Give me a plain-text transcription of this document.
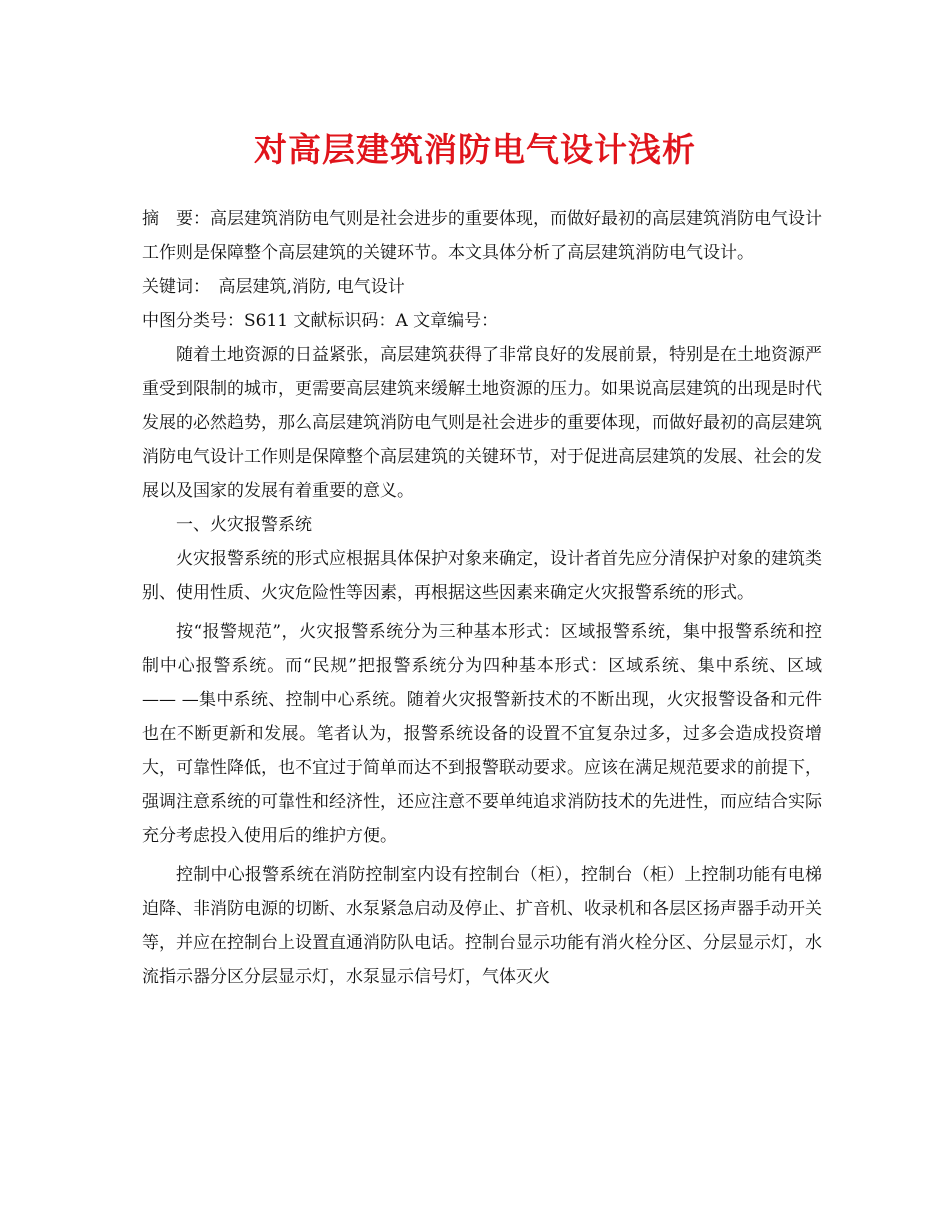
对高层建筑消防电气设计浅析

摘　要：高层建筑消防电气则是社会进步的重要体现，而做好最初的高层建筑消防电气设计工作则是保障整个高层建筑的关键环节。本文具体分析了高层建筑消防电气设计。

关键词：　高层建筑,消防, 电气设计

中图分类号：S611 文献标识码：A 文章编号：

随着土地资源的日益紧张，高层建筑获得了非常良好的发展前景，特别是在土地资源严重受到限制的城市，更需要高层建筑来缓解土地资源的压力。如果说高层建筑的出现是时代发展的必然趋势，那么高层建筑消防电气则是社会进步的重要体现，而做好最初的高层建筑消防电气设计工作则是保障整个高层建筑的关键环节，对于促进高层建筑的发展、社会的发展以及国家的发展有着重要的意义。

一、火灾报警系统

火灾报警系统的形式应根据具体保护对象来确定，设计者首先应分清保护对象的建筑类别、使用性质、火灾危险性等因素，再根据这些因素来确定火灾报警系统的形式。

按“报警规范”，火灾报警系统分为三种基本形式：区域报警系统，集中报警系统和控制中心报警系统。而“民规”把报警系统分为四种基本形式：区域系统、集中系统、区域—— —集中系统、控制中心系统。随着火灾报警新技术的不断出现，火灾报警设备和元件也在不断更新和发展。笔者认为，报警系统设备的设置不宜复杂过多，过多会造成投资增大，可靠性降低，也不宜过于简单而达不到报警联动要求。应该在满足规范要求的前提下，强调注意系统的可靠性和经济性，还应注意不要单纯追求消防技术的先进性，而应结合实际充分考虑投入使用后的维护方便。

控制中心报警系统在消防控制室内设有控制台（柜），控制台（柜）上控制功能有电梯迫降、非消防电源的切断、水泵紧急启动及停止、扩音机、收录机和各层区扬声器手动开关等，并应在控制台上设置直通消防队电话。控制台显示功能有消火栓分区、分层显示灯，水流指示器分区分层显示灯，水泵显示信号灯，气体灭火
